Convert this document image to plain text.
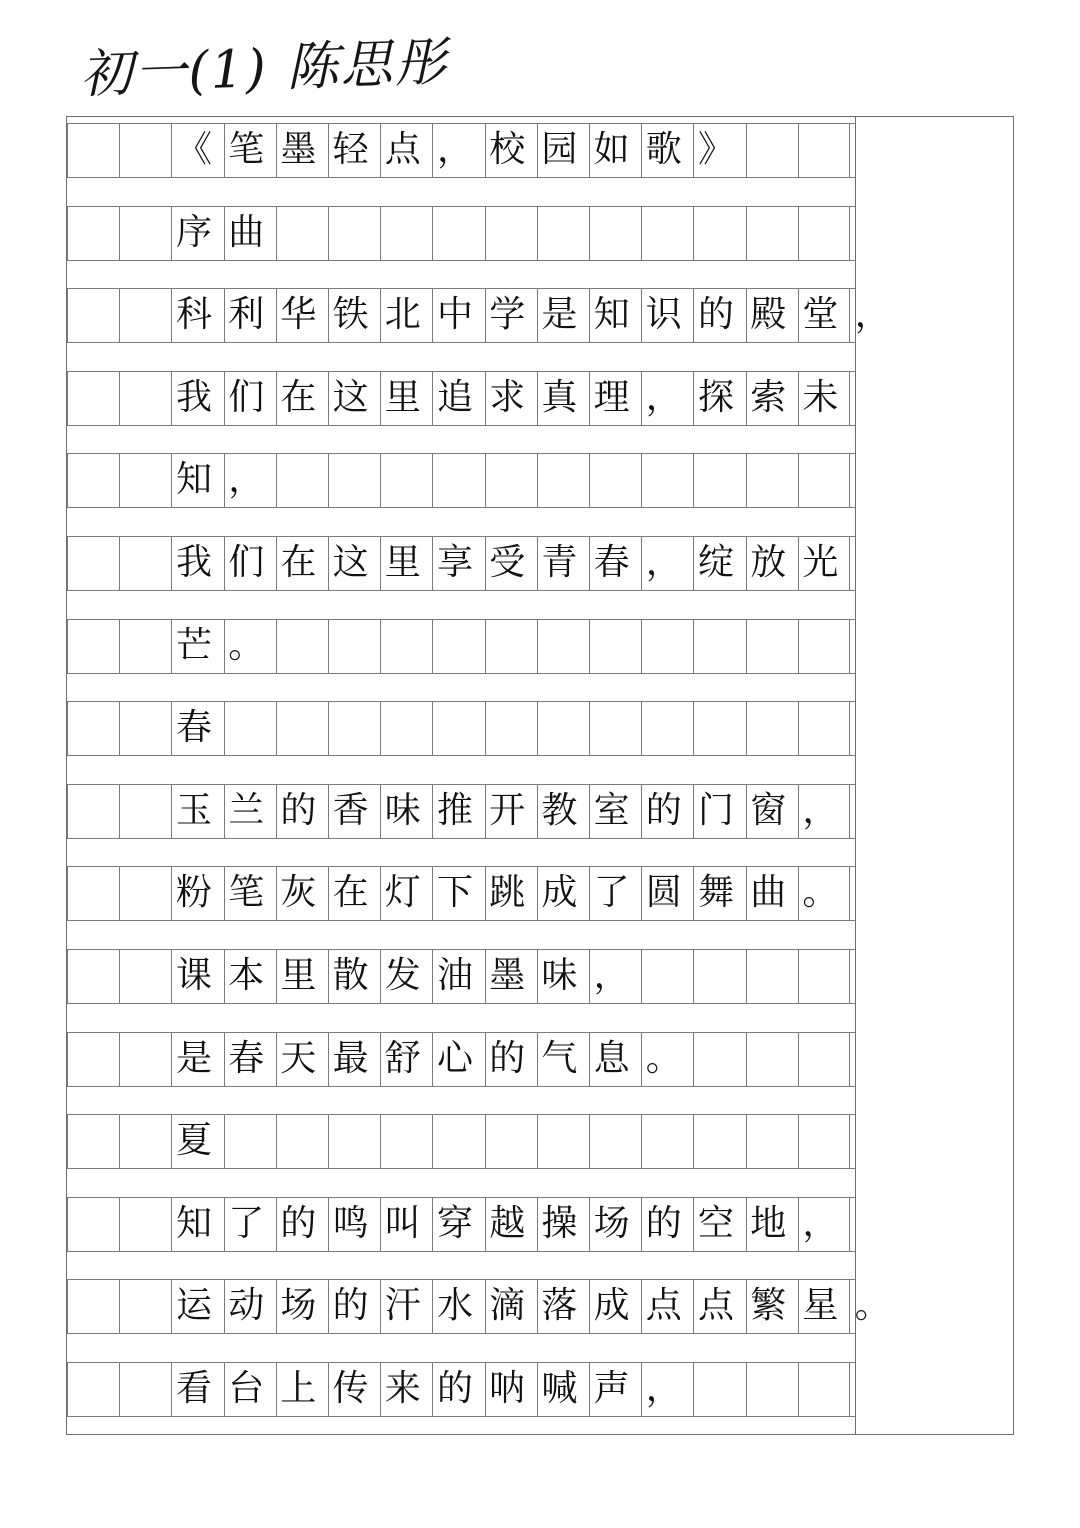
初一(1) 陈思彤
《笔墨轻点，校园如歌》
序曲
科利华铁北中学是知识的殿堂，
我们在这里追求真理，探索未
知，
我们在这里享受青春，绽放光
芒。
春
玉兰的香味推开教室的门窗，
粉笔灰在灯下跳成了圆舞曲。
课本里散发油墨味，
是春天最舒心的气息。
夏
知了的鸣叫穿越操场的空地，
运动场的汗水滴落成点点繁星。
看台上传来的呐喊声，
